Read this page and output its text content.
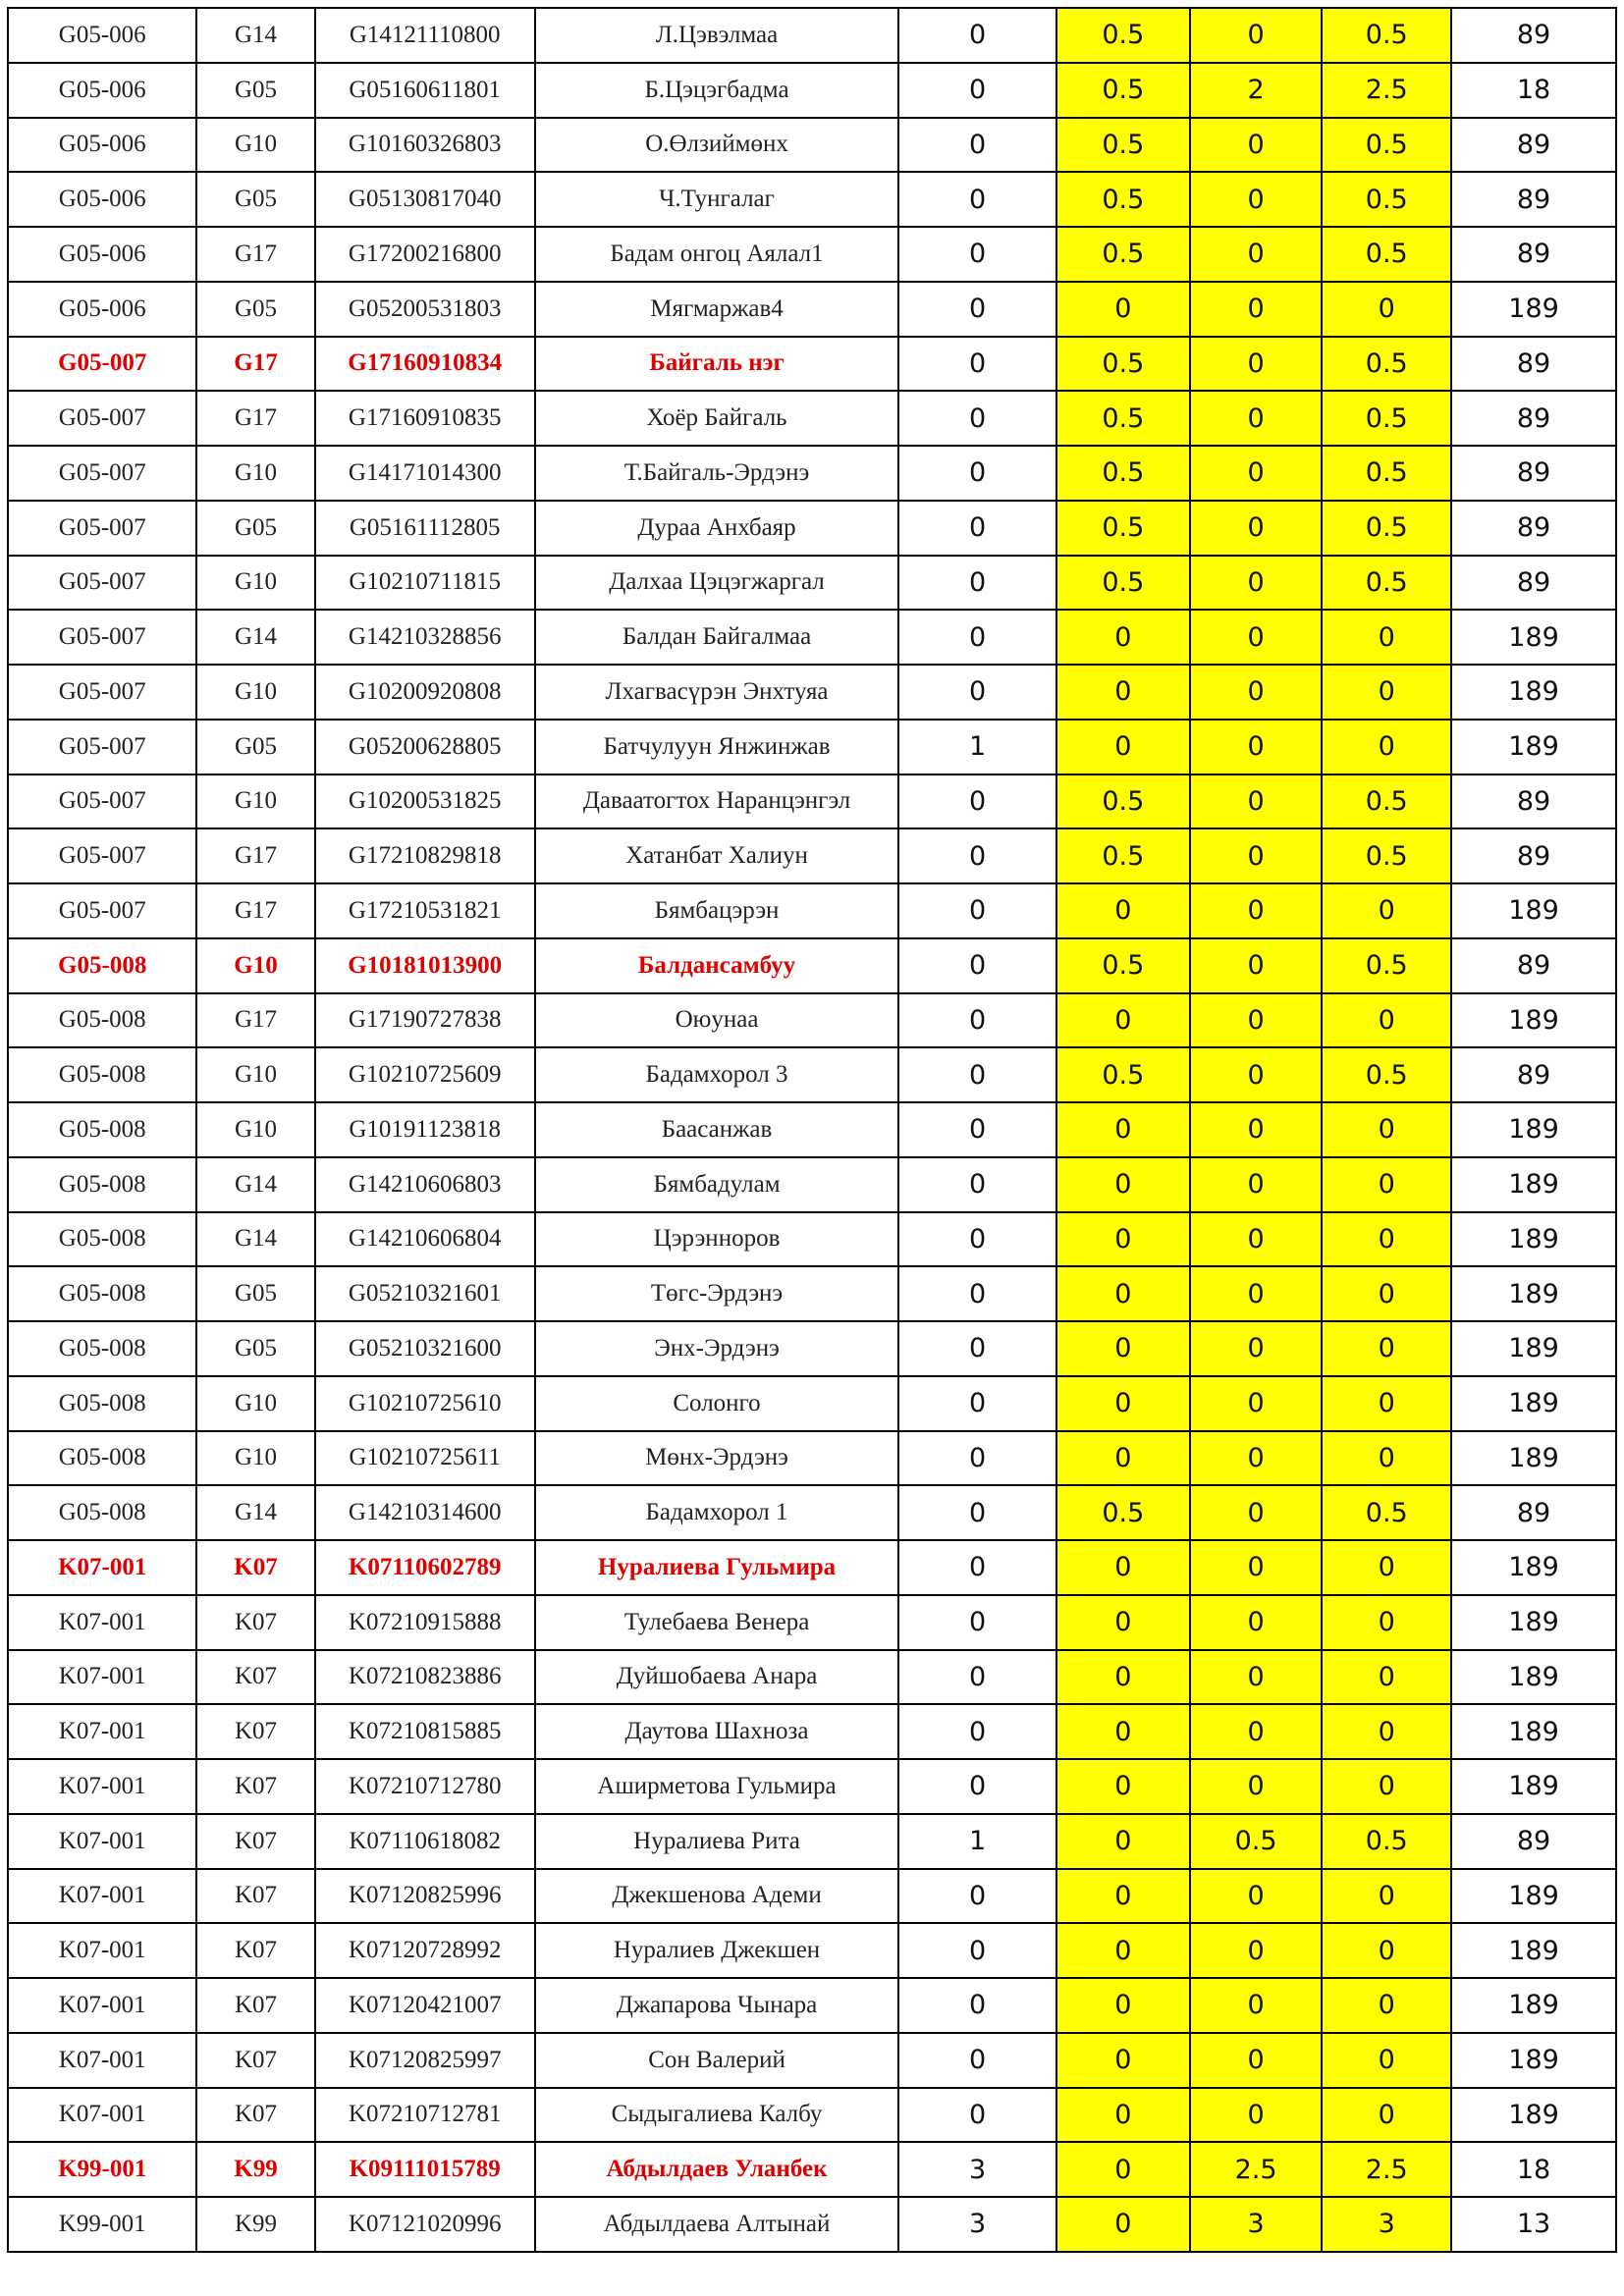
G05-006	G14	G14121110800	Л.Цэвэлмаа	0	0.5	0	0.5	89
G05-006	G05	G05160611801	Б.Цэцэгбадма	0	0.5	2	2.5	18
G05-006	G10	G10160326803	О.Өлзиймөнх	0	0.5	0	0.5	89
G05-006	G05	G05130817040	Ч.Тунгалаг	0	0.5	0	0.5	89
G05-006	G17	G17200216800	Бадам онгоц Аялал1	0	0.5	0	0.5	89
G05-006	G05	G05200531803	Мягмаржав4	0	0	0	0	189
G05-007	G17	G17160910834	Байгаль нэг	0	0.5	0	0.5	89
G05-007	G17	G17160910835	Хоёр Байгаль	0	0.5	0	0.5	89
G05-007	G10	G14171014300	Т.Байгаль-Эрдэнэ	0	0.5	0	0.5	89
G05-007	G05	G05161112805	Дураа Анхбаяр	0	0.5	0	0.5	89
G05-007	G10	G10210711815	Далхаа Цэцэгжаргал	0	0.5	0	0.5	89
G05-007	G14	G14210328856	Балдан Байгалмаа	0	0	0	0	189
G05-007	G10	G10200920808	Лхагвасүрэн Энхтуяа	0	0	0	0	189
G05-007	G05	G05200628805	Батчулуун Янжинжав	1	0	0	0	189
G05-007	G10	G10200531825	Даваатогтох Наранцэнгэл	0	0.5	0	0.5	89
G05-007	G17	G17210829818	Хатанбат Халиун	0	0.5	0	0.5	89
G05-007	G17	G17210531821	Бямбацэрэн	0	0	0	0	189
G05-008	G10	G10181013900	Балдансамбуу	0	0.5	0	0.5	89
G05-008	G17	G17190727838	Оюунаа	0	0	0	0	189
G05-008	G10	G10210725609	Бадамхорол 3	0	0.5	0	0.5	89
G05-008	G10	G10191123818	Баасанжав	0	0	0	0	189
G05-008	G14	G14210606803	Бямбадулам	0	0	0	0	189
G05-008	G14	G14210606804	Цэрэнноров	0	0	0	0	189
G05-008	G05	G05210321601	Төгс-Эрдэнэ	0	0	0	0	189
G05-008	G05	G05210321600	Энх-Эрдэнэ	0	0	0	0	189
G05-008	G10	G10210725610	Солонго	0	0	0	0	189
G05-008	G10	G10210725611	Мөнх-Эрдэнэ	0	0	0	0	189
G05-008	G14	G14210314600	Бадамхорол 1	0	0.5	0	0.5	89
K07-001	K07	K07110602789	Нуралиева Гульмира	0	0	0	0	189
K07-001	K07	K07210915888	Тулебаева Венера	0	0	0	0	189
K07-001	K07	K07210823886	Дуйшобаева Анара	0	0	0	0	189
K07-001	K07	K07210815885	Даутова Шахноза	0	0	0	0	189
K07-001	K07	K07210712780	Аширметова Гульмира	0	0	0	0	189
K07-001	K07	K07110618082	Нуралиева Рита	1	0	0.5	0.5	89
K07-001	K07	K07120825996	Джекшенова Адеми	0	0	0	0	189
K07-001	K07	K07120728992	Нуралиев Джекшен	0	0	0	0	189
K07-001	K07	K07120421007	Джапарова Чынара	0	0	0	0	189
K07-001	K07	K07120825997	Сон Валерий	0	0	0	0	189
K07-001	K07	K07210712781	Сыдыгалиева Калбу	0	0	0	0	189
K99-001	K99	K09111015789	Абдылдаев Уланбек	3	0	2.5	2.5	18
K99-001	K99	K07121020996	Абдылдаева Алтынай	3	0	3	3	13
